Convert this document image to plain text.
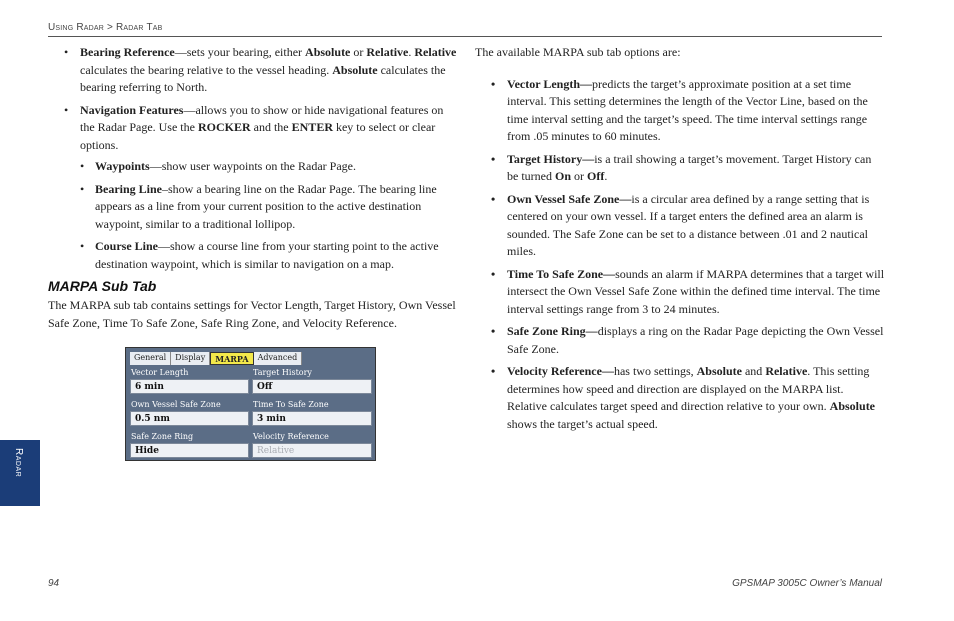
Using Radar > Radar Tab
• Bearing Reference—sets your bearing, either Absolute or Relative. Relative calculates the bearing relative to the vessel heading. Absolute calculates the bearing referring to North.
• Navigation Features—allows you to show or hide navigational features on the Radar Page. Use the ROCKER and the ENTER key to select or clear options.
• Waypoints—show user waypoints on the Radar Page.
• Bearing Line–show a bearing line on the Radar Page. The bearing line appears as a line from your current position to the active destination waypoint, similar to a traditional lollipop.
• Course Line—show a course line from your starting point to the active destination waypoint, which is similar to navigation on a map.
MARPA Sub Tab

The MARPA sub tab contains settings for Vector Length, Target History, Own Vessel Safe Zone, Time To Safe Zone, Safe Ring Zone, and Velocity Reference.

General	Display	MARPA	Advanced
Vector Length
6 min
Target History
Off
Own Vessel Safe Zone
0.5 nm
Time To Safe Zone
3 min
Safe Zone Ring
Hide
Velocity Reference
Relative

The available MARPA sub tab options are:

• Vector Length—predicts the target’s approximate position at a set time interval. This setting determines the length of the Vector Line, based on the time interval setting and the target’s speed. The time interval settings range from .05 minutes to 60 minutes.
• Target History—is a trail showing a target’s movement. Target History can be turned On or Off.
• Own Vessel Safe Zone—is a circular area defined by a range setting that is centered on your own vessel. If a target enters the defined area an alarm is sounded. The Safe Zone can be set to a distance between .01 and 2 nautical miles.
• Time To Safe Zone—sounds an alarm if MARPA determines that a target will intersect the Own Vessel Safe Zone within the defined time interval. The time interval settings range from 3 to 24 minutes.
• Safe Zone Ring—displays a ring on the Radar Page depicting the Own Vessel Safe Zone.
• Velocity Reference—has two settings, Absolute and Relative. This setting determines how speed and direction are displayed on the MARPA list. Relative calculates target speed and direction relative to your own. Absolute shows the target’s actual speed.
Radar
94	GPSMAP 3005C Owner’s Manual
